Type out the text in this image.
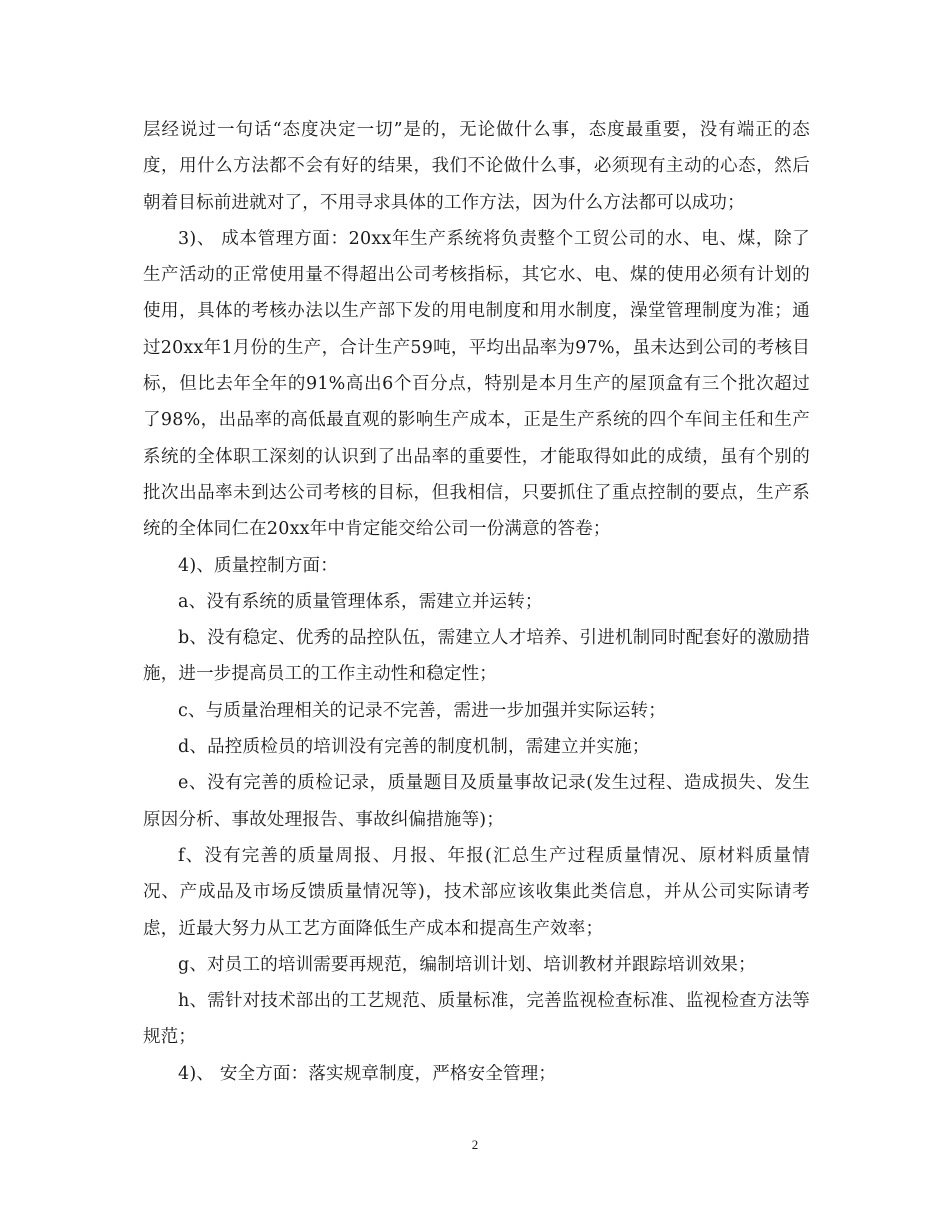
层经说过一句话“态度决定一切”是的，无论做什么事，态度最重要，没有端正的态度，用什么方法都不会有好的结果，我们不论做什么事，必须现有主动的心态，然后朝着目标前进就对了，不用寻求具体的工作方法，因为什么方法都可以成功；

3)、 成本管理方面：20xx年生产系统将负责整个工贸公司的水、电、煤，除了生产活动的正常使用量不得超出公司考核指标，其它水、电、煤的使用必须有计划的使用，具体的考核办法以生产部下发的用电制度和用水制度，澡堂管理制度为准；通过20xx年1月份的生产，合计生产59吨，平均出品率为97%，虽未达到公司的考核目标，但比去年全年的91%高出6个百分点，特别是本月生产的屋顶盒有三个批次超过了98%，出品率的高低最直观的影响生产成本，正是生产系统的四个车间主任和生产系统的全体职工深刻的认识到了出品率的重要性，才能取得如此的成绩，虽有个别的批次出品率未到达公司考核的目标，但我相信，只要抓住了重点控制的要点，生产系统的全体同仁在20xx年中肯定能交给公司一份满意的答卷；

4)、质量控制方面：

a、没有系统的质量管理体系，需建立并运转；

b、没有稳定、优秀的品控队伍，需建立人才培养、引进机制同时配套好的激励措施，进一步提高员工的工作主动性和稳定性；

c、与质量治理相关的记录不完善，需进一步加强并实际运转；

d、品控质检员的培训没有完善的制度机制，需建立并实施；

e、没有完善的质检记录，质量题目及质量事故记录(发生过程、造成损失、发生原因分析、事故处理报告、事故纠偏措施等)；

f、没有完善的质量周报、月报、年报(汇总生产过程质量情况、原材料质量情况、产成品及市场反馈质量情况等)，技术部应该收集此类信息，并从公司实际请考虑，近最大努力从工艺方面降低生产成本和提高生产效率；

g、对员工的培训需要再规范，编制培训计划、培训教材并跟踪培训效果；

h、需针对技术部出的工艺规范、质量标准，完善监视检查标准、监视检查方法等规范；

4)、 安全方面：落实规章制度，严格安全管理；

2
